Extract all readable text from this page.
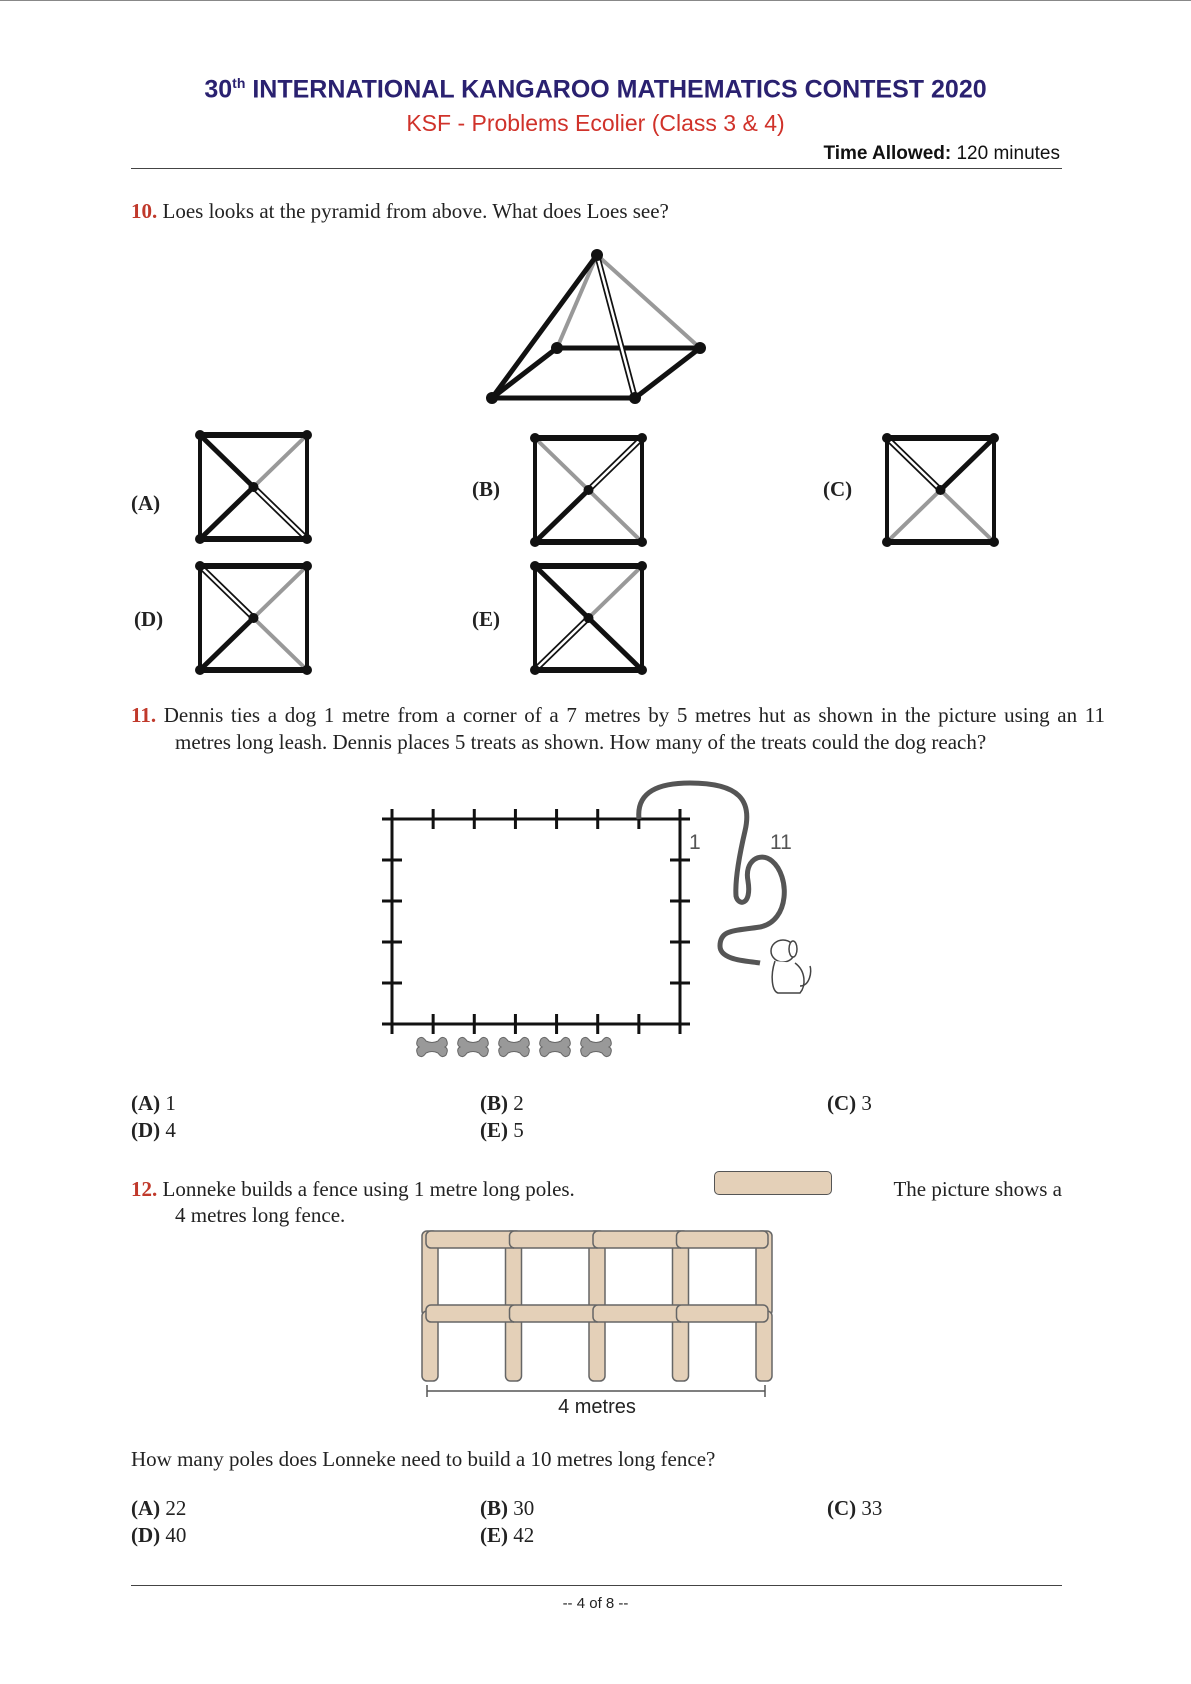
30th INTERNATIONAL KANGAROO MATHEMATICS CONTEST 2020
KSF - Problems Ecolier (Class 3 & 4)
Time Allowed: 120 minutes
10. Loes looks at the pyramid from above. What does Loes see?
1	11
4 metres
(A)
(B)	(C)
(D)	(E)
11. Dennis ties a dog 1 metre from a corner of a 7 metres by 5 metres hut as shown in the picture using an 11 metres long leash. Dennis places 5 treats as shown. How many of the treats could the dog reach?
(A) 1	(B) 2	(C) 3
(D) 4	(E) 5
12. Lonneke builds a fence using 1 metre long poles.	The picture shows a
4 metres long fence.
How many poles does Lonneke need to build a 10 metres long fence?
(A) 22	(B) 30	(C) 33
(D) 40	(E) 42
-- 4 of 8 --
